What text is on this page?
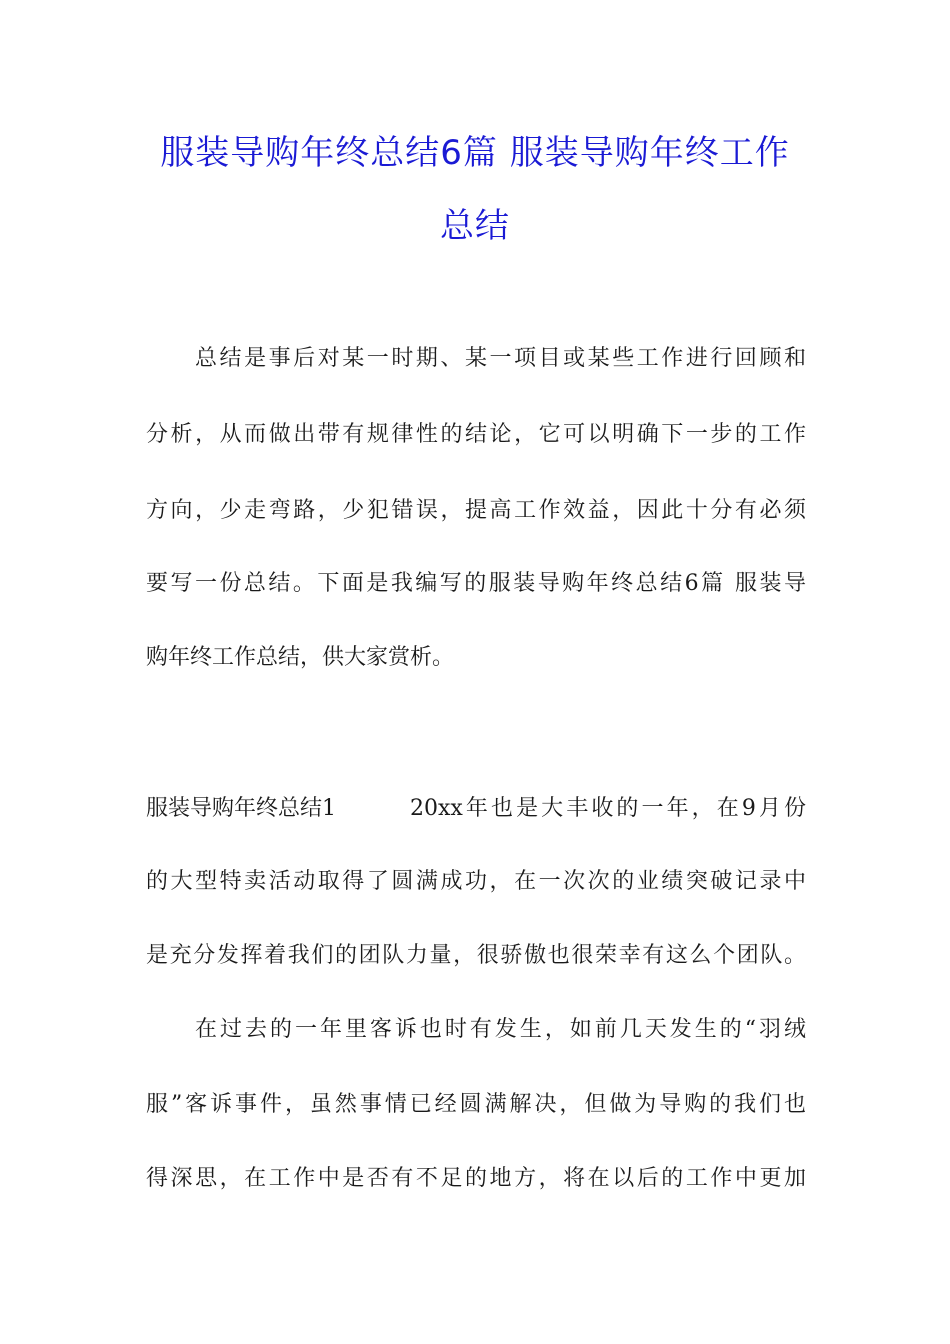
服装导购年终总结6篇 服装导购年终工作
总结
总结是事后对某一时期、某一项目或某些工作进行回顾和
分析，从而做出带有规律性的结论，它可以明确下一步的工作
方向，少走弯路，少犯错误，提高工作效益，因此十分有必须
要写一份总结。下面是我编写的服装导购年终总结6篇 服装导
购年终工作总结，供大家赏析。
服装导购年终总结1	20xx年也是大丰收的一年，在9月份
的大型特卖活动取得了圆满成功，在一次次的业绩突破记录中
是充分发挥着我们的团队力量，很骄傲也很荣幸有这么个团队。
在过去的一年里客诉也时有发生，如前几天发生的“羽绒
服”客诉事件，虽然事情已经圆满解决，但做为导购的我们也
得深思，在工作中是否有不足的地方，将在以后的工作中更加
